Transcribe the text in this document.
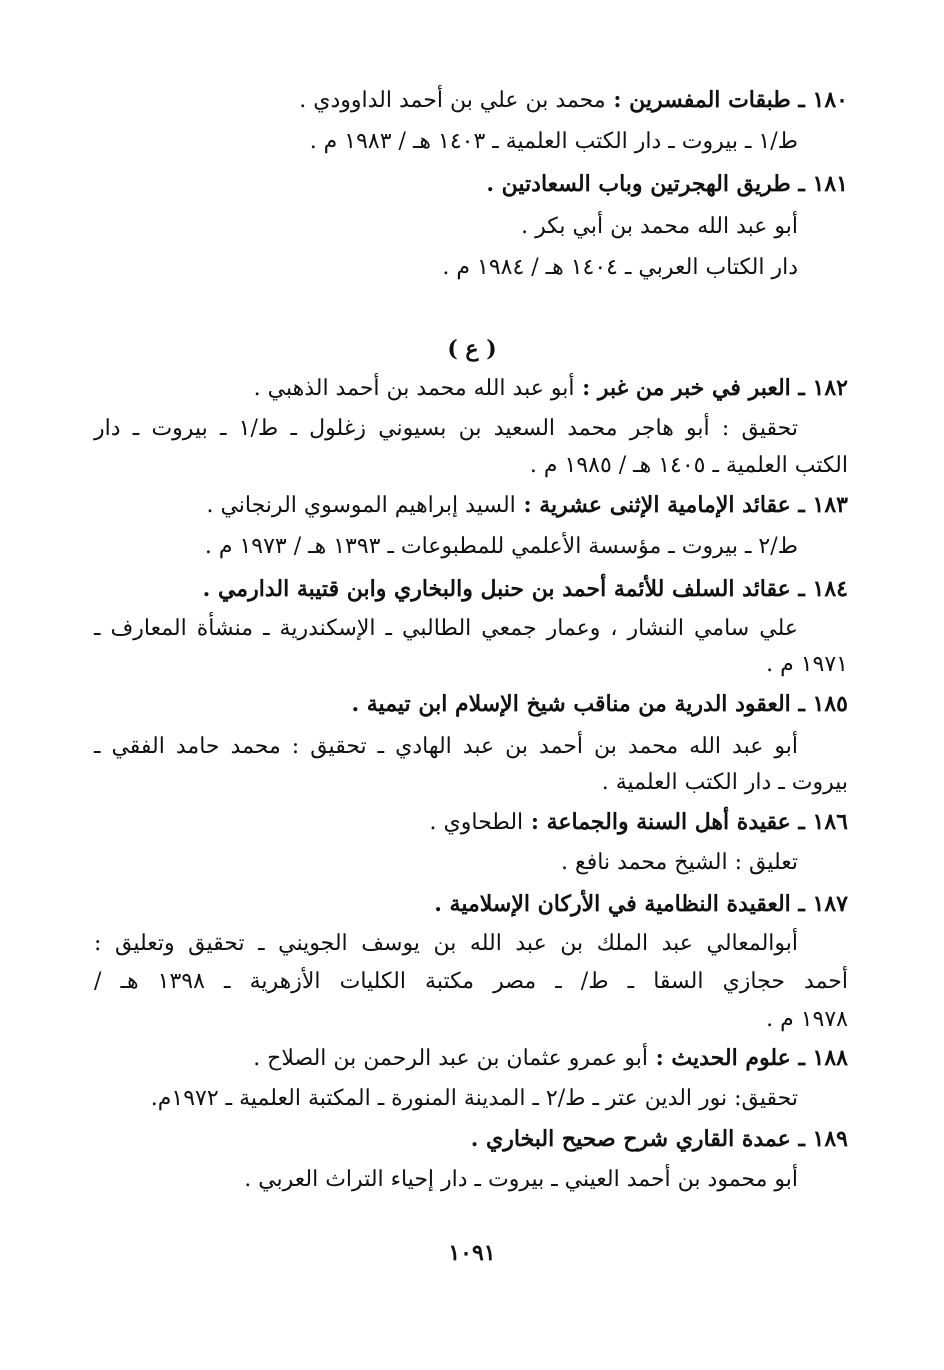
١٨٠ ـ طبقات المفسرين : محمد بن علي بن أحمد الداوودي .
ط/١ ـ بيروت ـ دار الكتب العلمية ـ ١٤٠٣ هـ / ١٩٨٣ م .
١٨١ ـ طريق الهجرتين وباب السعادتين .
أبو عبد الله محمد بن أبي بكر .
دار الكتاب العربي ـ ١٤٠٤ هـ / ١٩٨٤ م .
( ع )
١٨٢ ـ العبر في خبر من غبر : أبو عبد الله محمد بن أحمد الذهبي .
تحقيق : أبو هاجر محمد السعيد بن بسيوني زغلول ـ ط/١ ـ بيروت ـ دار
الكتب العلمية ـ ١٤٠٥ هـ / ١٩٨٥ م .
١٨٣ ـ عقائد الإمامية الإثنى عشرية : السيد إبراهيم الموسوي الرنجاني .
ط/٢ ـ بيروت ـ مؤسسة الأعلمي للمطبوعات ـ ١٣٩٣ هـ / ١٩٧٣ م .
١٨٤ ـ عقائد السلف للأئمة أحمد بن حنبل والبخاري وابن قتيبة الدارمي .
علي سامي النشار ، وعمار جمعي الطالبي ـ الإسكندرية ـ منشأة المعارف ـ
١٩٧١ م .
١٨٥ ـ العقود الدرية من مناقب شيخ الإسلام ابن تيمية .
أبو عبد الله محمد بن أحمد بن عبد الهادي ـ تحقيق : محمد حامد الفقي ـ
بيروت ـ دار الكتب العلمية .
١٨٦ ـ عقيدة أهل السنة والجماعة : الطحاوي .
تعليق : الشيخ محمد نافع .
١٨٧ ـ العقيدة النظامية في الأركان الإسلامية .
أبوالمعالي عبد الملك بن عبد الله بن يوسف الجويني ـ تحقيق وتعليق :
أحمد حجازي السقا ـ ط/ ـ مصر مكتبة الكليات الأزهرية ـ ١٣٩٨ هـ /
١٩٧٨ م .
١٨٨ ـ علوم الحديث : أبو عمرو عثمان بن عبد الرحمن بن الصلاح .
تحقيق: نور الدين عتر ـ ط/٢ ـ المدينة المنورة ـ المكتبة العلمية ـ ١٩٧٢م.
١٨٩ ـ عمدة القاري شرح صحيح البخاري .
أبو محمود بن أحمد العيني ـ بيروت ـ دار إحياء التراث العربي .
١٠٩١
